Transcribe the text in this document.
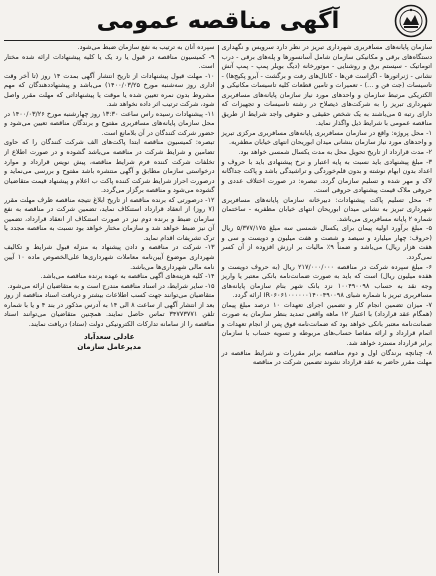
آگهی مناقصه عمومی

سازمان پایانه‌های مسافربری شهرداری تبریز در نظر دارد سرویس و نگهداری دستگاه‌های برقی و مکانیکی سازمان شامل آسانسورها و پله‌های برقی - درب اتوماتیک - سیستم برق و روشنایی - موتورخانه (دیگ بویلر پمپ - پمپ آتش نشانی - ژنراتورها - اگزاست فن‌ها - کانال‌های رفت و برگشت - آبرو پکیج‌ها) - تاسیسات (جت فن و …) - تعمیرات و تامین قطعات کلیه تاسیسات مکانیکی و الکتریکی مرتبط سازمان و واحدهای مورد نیاز سازمان پایانه‌های مسافربری شهرداری تبریز را به شرکت‌های ذیصلاح در رشته تاسیسات و تجهیزات که دارای رتبه ۵ می‌باشند به یک شخص حقیقی و حقوقی واجد شرایط از طریق مناقصه عمومی با شرایط ذیل واگذار نماید.

۱- محل پروژه: واقع در سازمان مسافربری پایانه‌های مسافربری مرکزی تبریز و واحدهای مورد نیاز سازمان بنشانی میدان ابوریحان انتهای خیابان مظفریه.

۲- مدت قرارداد از تاریخ تحویل محل به مدت یکسال شمسی خواهد بود.

۳- مبلغ پیشنهادی باید نسبت به پایه اعتبار و نرخ پیشنهادی باید با حروف و اعداد بدون ابهام نوشته و بدون قلم‌خوردگی و تراشیدگی باشد و پاکت جداگانه لاک و مهر شده و تسلیم سازمان گردد. تبصره: در صورت اختلاف عددی و حروفی ملاک قیمت پیشنهادی حروفی است.

۴- محل تسلیم پاکت پیشنهادات: دبیرخانه سازمان پایانه‌های مسافربری شهرداری تبریز به نشانی میدان ابوریحان انتهای خیابان مظفریه - ساختمان شماره ۲ پایانه مسافربری می‌باشد.

۵- مبلغ برآورد اولیه پیمان برای یکسال شمسی سه مبلغ ۵/۳۷۷/۱۷۵ ریال (حروف: چهار میلیارد و سیصد و شصت و هفت میلیون و دویست و سی و هفت هزار ریال) می‌باشد و ضمناً ۹٪ مالیات بر ارزش افزوده از آن کسر نمی‌گردد.

۶- مبلغ سپرده شرکت در مناقصه ۲۱۷/۰۰۰/۰۰۰ ریال (به حروف دویست و هفده میلیون ریال) است که باید به صورت ضمانت‌نامه بانکی معتبر یا واریز وجه نقد به حساب ۱۰۰۴۹۰۰۹۸ نزد بانک شهر بنام سازمان پایانه‌های مسافربری تبریز با شماره شبای IR۰۶۰۶۱۰۰۰۰۰۰۱۴۰۰۴۹۰۰۹۸ ارائه گردد.

۷- میزان تضمین انجام کار و تضمین اجرای تعهدات ۱۰ درصد مبلغ پیمان (همگام عقد قرارداد) با اعتبار ۱۲ ماهه واقعی تمدید بنظر سازمان به صورت ضمانت‌نامه معتبر بانکی خواهد بود که ضمانت‌نامه فوق پس از انجام تعهدات و اتمام قرارداد و ارائه مفاصا حساب‌های مربوطه و تسویه حساب با سازمان برابر قرارداد مسترد خواهد شد.

۸- چنانچه برندگان اول و دوم مناقصه برابر مقررات و شرایط مناقصه در مهلت مقرر حاضر به عقد قرارداد نشوند تضمین شرکت در مناقصه

سپرده آنان به ترتیب به نفع سازمان ضبط می‌شود.

۹- کمیسیون مناقصه در قبول یا رد یک یا کلیه پیشنهادات ارائه شده مختار است.

۱۰- مهلت قبول پیشنهادات از تاریخ انتشار آگهی بمدت ۱۴ روز (تا آخر وقت اداری روز سه‌شنبه مورخ ۱۴۰۰/۰۳/۲۵) می‌باشد و پیشنهاددهندگان که مهم مشروط بدون نمره تعیین شده یا موقت یا پیشنهاداتی که مهلت مقرر واصل شود، شرکت ترتیب اثر داده نخواهد شد.

۱۱- پیشنهادات رسیده راس ساعت ۱۳:۳۰ روز چهارشنبه مورخ ۱۴۰۰/۰۳/۲۶ در محل سازمان پایانه‌های مسافربری مفتوح و برندگان مناقصه تعیین می‌شود و حضور شرکت کنندگان در آن بلامانع است.

تبصره: کمیسیون مناقصه ابتدا پاکت‌های الف شرکت کنندگان را که حاوی تضامین و شرایط شرکت در مناقصه می‌باشد گشوده و در صورت اطلاع از تخلفات شرکت کننده فرم شرایط مناقصه، پیش نویس قرارداد و موارد درخواستی سازمان مطابق و آگهی منتشره باشد مفتوح و بررسی می‌نماید و درصورت احراز شرایط شرکت کننده پاکت ب اعلام و پیشنهاد قیمت متقاضیان گشوده می‌شود و مناقصه برگزار می‌گردد.

۱۲- درصورتی که برنده مناقصه از تاریخ ابلاغ نتیجه مناقصه ظرف مهلت مقرر (۷ روز) از انعقاد قرارداد استنکاف نماید، تضمین شرکت در مناقصه به نفع سازمان ضبط و برنده دوم نیز در صورت استنکاف از انعقاد قرارداد، تضمین آن نیز ضبط خواهد شد و سازمان مختار خواهد بود نسبت به مناقصه مجدد یا ترک تشریفات اقدام نماید.

۱۳- شرکت در مناقصه و دادن پیشنهاد به منزله قبول شرایط و تکالیف شهرداری موضوع آیین‌نامه معاملات شهرداری‌ها علی‌الخصوص ماده ۱۰ آیین نامه مالی شهرداری‌ها می‌باشد.

۱۴- کلیه هزینه‌های آگهی مناقصه به عهده برنده مناقصه می‌باشد.

۱۵- سایر شرایط، در اسناد مناقصه مندرج است و به متقاضیان ارائه می‌شود.

متقاضیان می‌توانند جهت کسب اطلاعات بیشتر و دریافت اسناد مناقصه از روز بعد از انتشار آگهی از ساعت ۸ الی ۱۴ به آدرس مذکور در بند ۴ و یا با شماره تلفن ۳۴۷۷۳۷۷۱ تماس حاصل نمایند. همچنین متقاضیان می‌توانند اسناد مناقصه را از سامانه تدارکات الکترونیکی دولت (ستاد) دریافت نمایند.

عادلی سعدآباد
مدیرعامل سازمان
